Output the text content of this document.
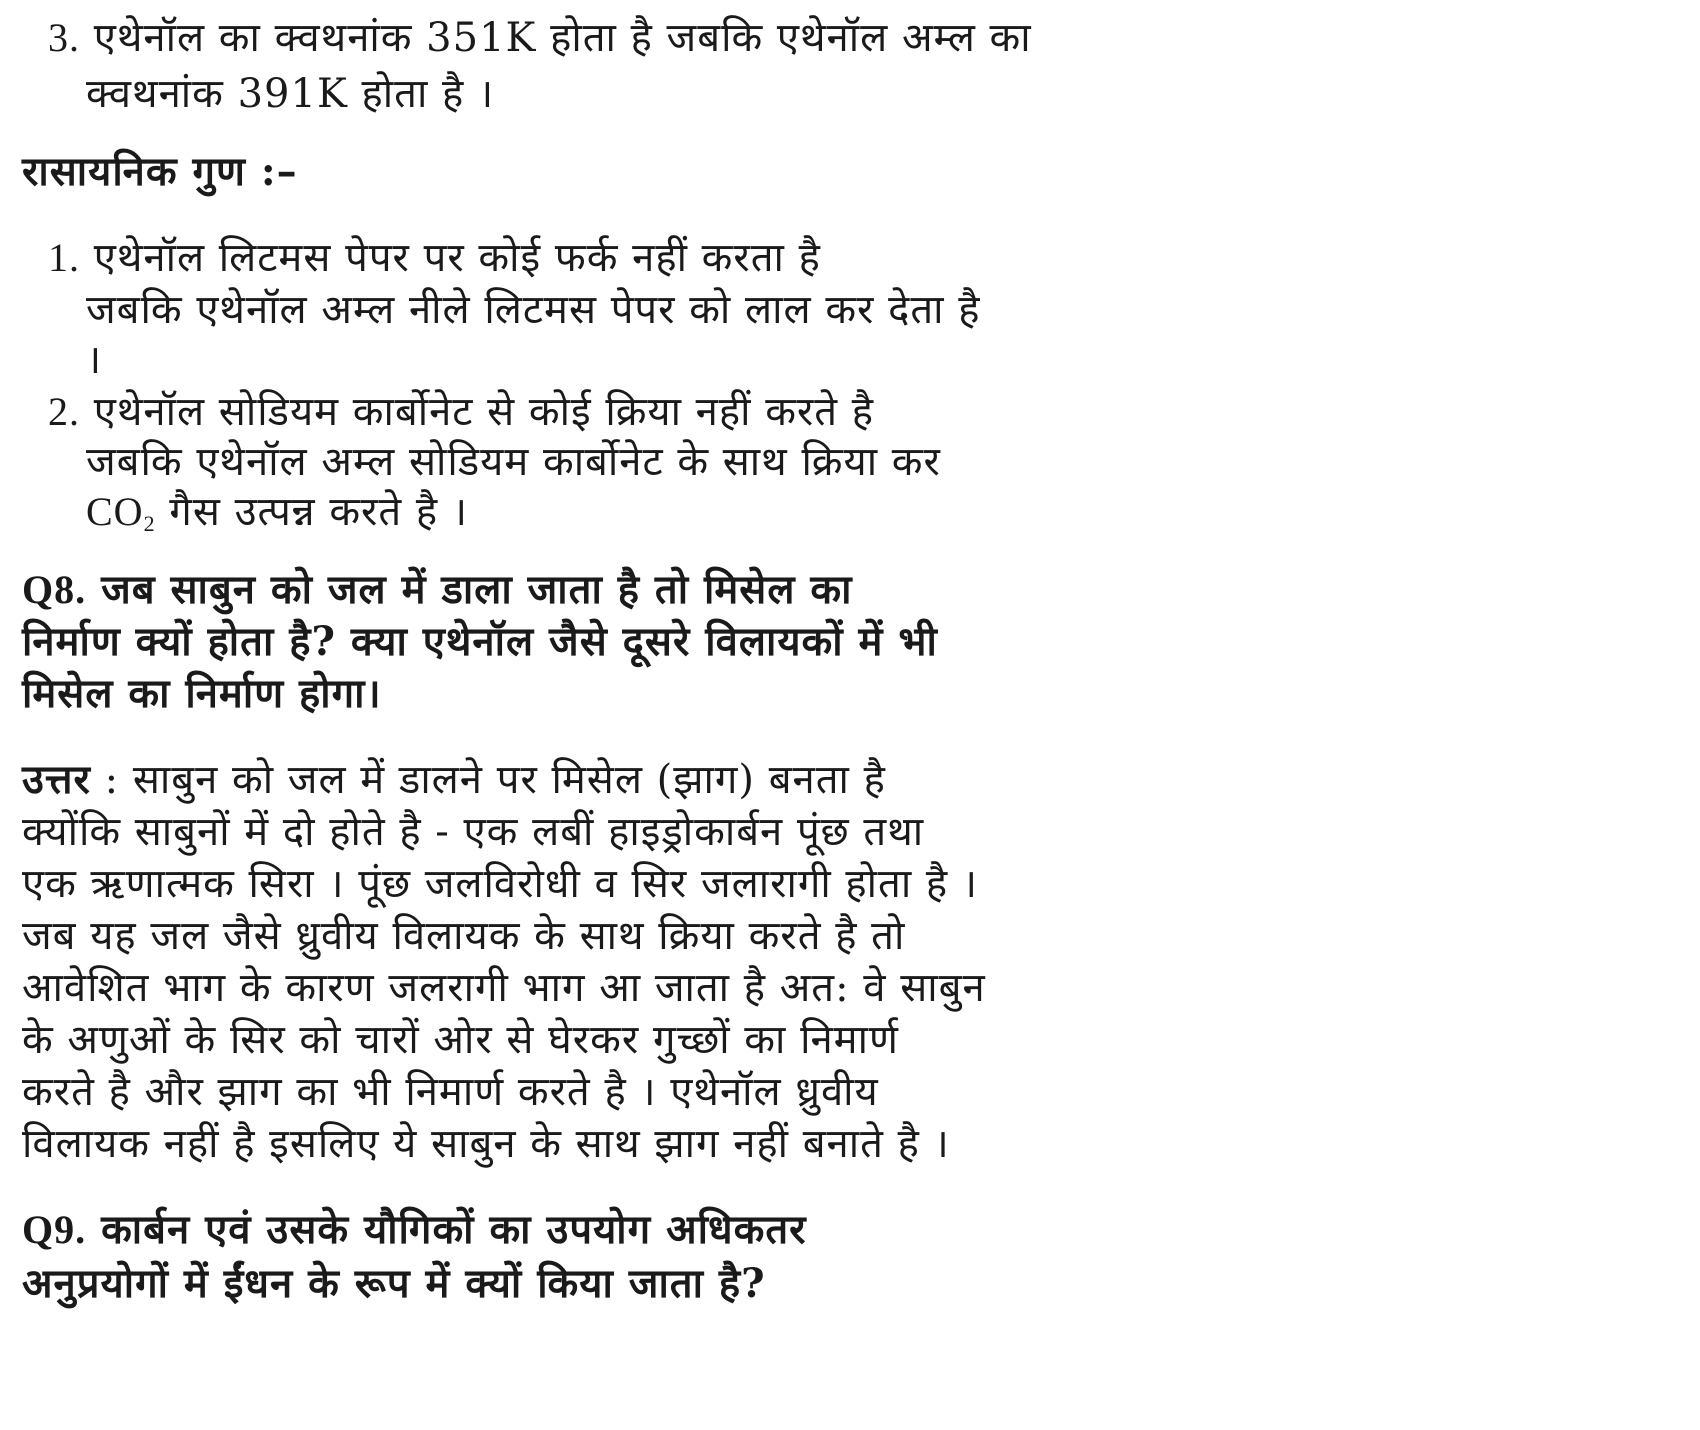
3. एथेनॉल का क्वथनांक 351K होता है जबकि एथेनॉल अम्ल का
क्वथनांक 391K होता है ।
रासायनिक गुण :–
1. एथेनॉल लिटमस पेपर पर कोई फर्क नहीं करता है
जबकि एथेनॉल अम्ल नीले लिटमस पेपर को लाल कर देता है
।
2. एथेनॉल सोडियम कार्बोनेट से कोई क्रिया नहीं करते है
जबकि एथेनॉल अम्ल सोडियम कार्बोनेट के साथ क्रिया कर
$CO_2$ गैस उत्पन्न करते है ।
Q8. जब साबुन को जल में डाला जाता है तो मिसेल का
निर्माण क्यों होता है? क्या एथेनॉल जैसे दूसरे विलायकों में भी
मिसेल का निर्माण होगा।
उत्तर : साबुन को जल में डालने पर मिसेल (झाग) बनता है
क्योंकि साबुनों में दो होते है - एक लबीं हाइड्रोकार्बन पूंछ तथा
एक ऋणात्मक सिरा । पूंछ जलविरोधी व सिर जलारागी होता है ।
जब यह जल जैसे ध्रुवीय विलायक के साथ क्रिया करते है तो
आवेशित भाग के कारण जलरागी भाग आ जाता है अत: वे साबुन
के अणुओं के सिर को चारों ओर से घेरकर गुच्छों का निमार्ण
करते है और झाग का भी निमार्ण करते है । एथेनॉल ध्रुवीय
विलायक नहीं है इसलिए ये साबुन के साथ झाग नहीं बनाते है ।
Q9. कार्बन एवं उसके यौगिकों का उपयोग अधिकतर
अनुप्रयोगों में ईंधन के रूप में क्यों किया जाता है?
